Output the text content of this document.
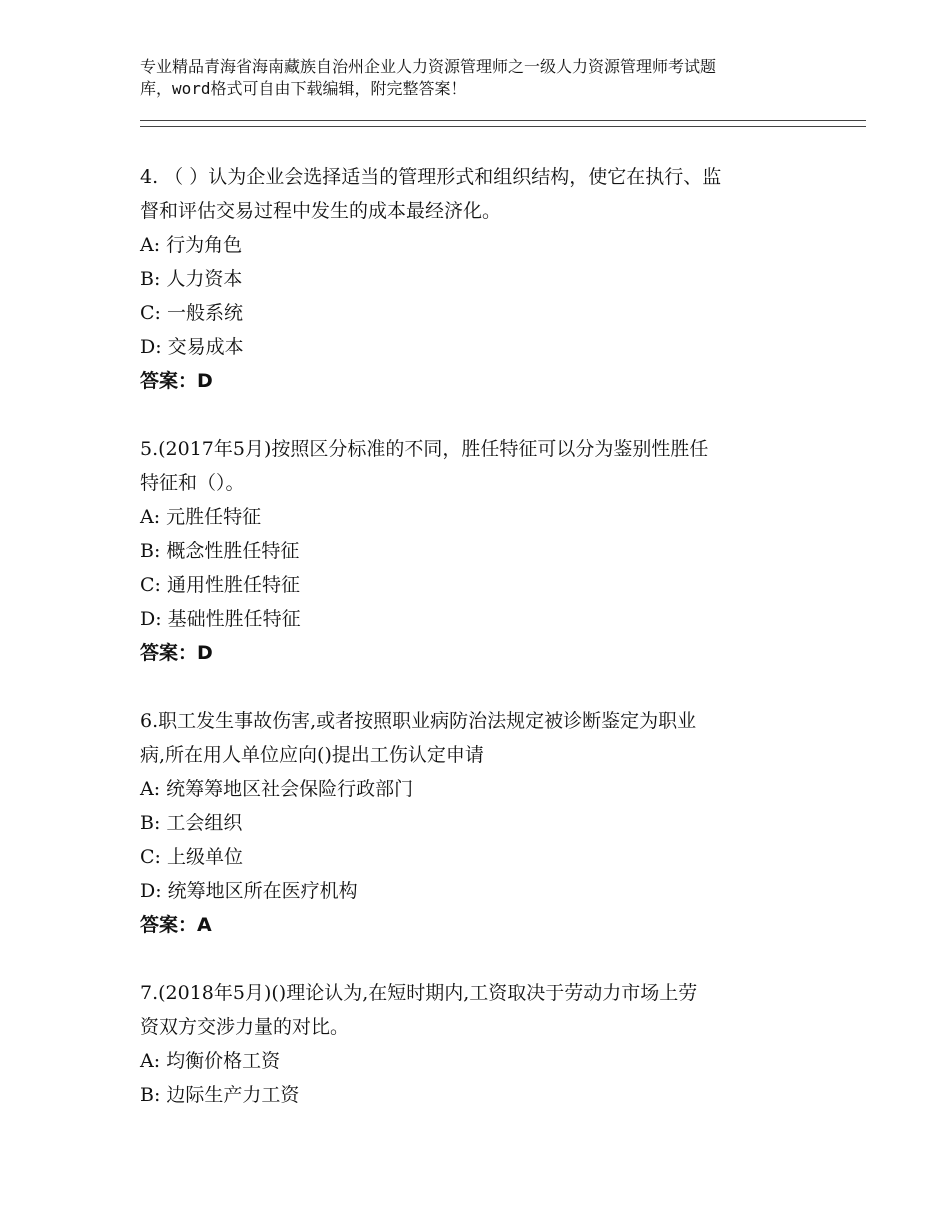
专业精品青海省海南藏族自治州企业人力资源管理师之一级人力资源管理师考试题
库，word格式可自由下载编辑，附完整答案！

4. （ ）认为企业会选择适当的管理形式和组织结构，使它在执行、监

督和评估交易过程中发生的成本最经济化。

A: 行为角色

B: 人力资本

C: 一般系统

D: 交易成本

答案：D

5.(2017年5月)按照区分标准的不同，胜任特征可以分为鉴别性胜任

特征和（）。

A: 元胜任特征

B: 概念性胜任特征

C: 通用性胜任特征

D: 基础性胜任特征

答案：D

6.职工发生事故伤害,或者按照职业病防治法规定被诊断鉴定为职业

病,所在用人单位应向()提出工伤认定申请

A: 统筹筹地区社会保险行政部门

B: 工会组织

C: 上级单位

D: 统筹地区所在医疗机构

答案：A

7.(2018年5月)()理论认为,在短时期内,工资取决于劳动力市场上劳

资双方交涉力量的对比。

A: 均衡价格工资

B: 边际生产力工资
